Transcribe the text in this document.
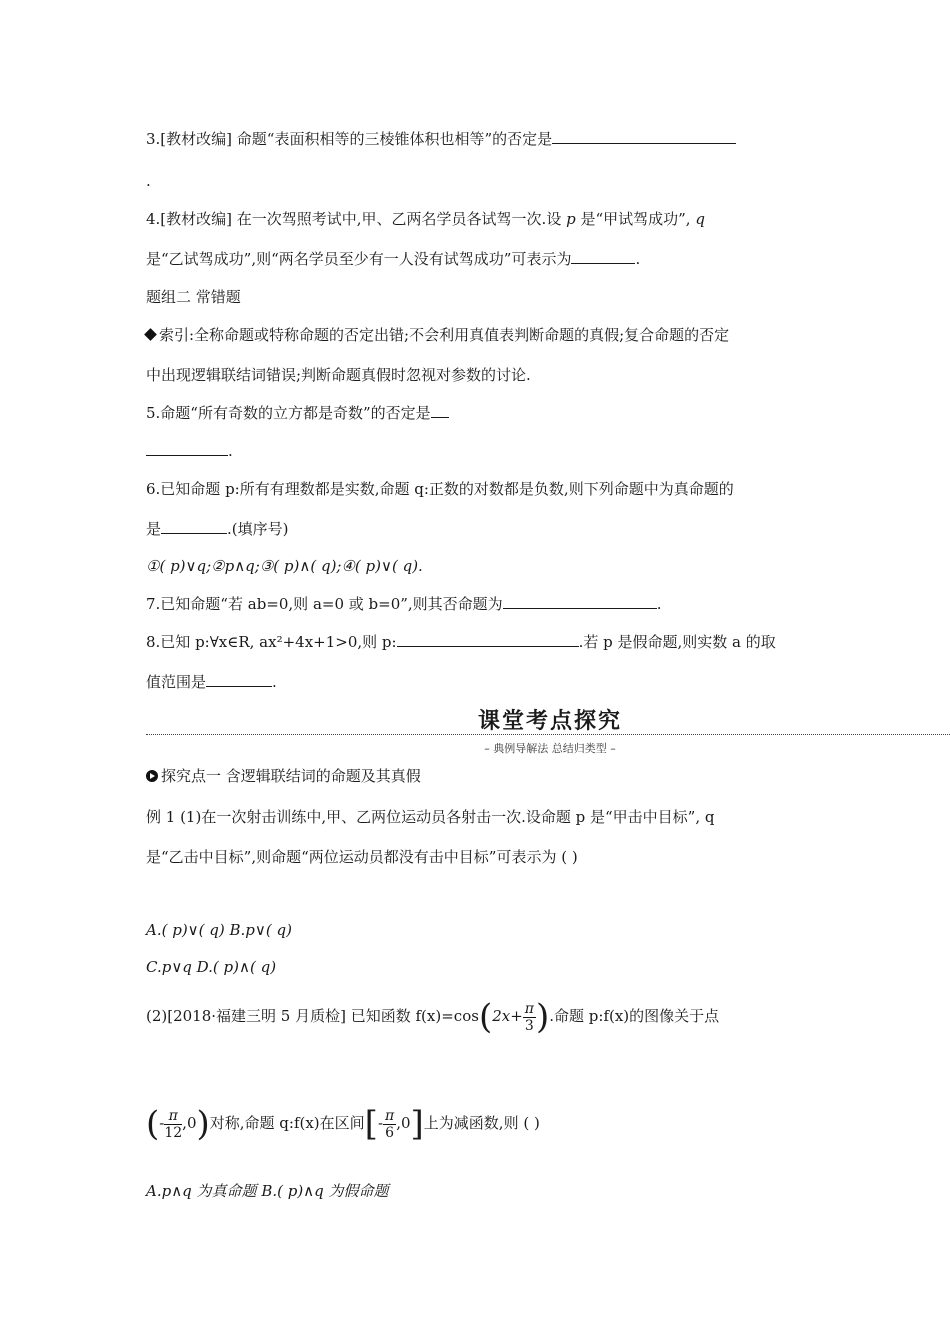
3.[教材改编] 命题“表面积相等的三棱锥体积也相等”的否定是
.
4.[教材改编] 在一次驾照考试中,甲、乙两名学员各试驾一次.设 p 是“甲试驾成功”, q
是“乙试驾成功”,则“两名学员至少有一人没有试驾成功”可表示为	.
题组二 常错题
索引:全称命题或特称命题的否定出错;不会利用真值表判断命题的真假;复合命题的否定
中出现逻辑联结词错误;判断命题真假时忽视对参数的讨论.
5.命题“所有奇数的立方都是奇数”的否定是
.
6.已知命题 p:所有有理数都是实数,命题 q:正数的对数都是负数,则下列命题中为真命题的
是	.(填序号)
①( p)∨q;②p∧q;③( p)∧( q);④( p)∨( q).
7.已知命题“若 ab=0,则 a=0 或 b=0”,则其否命题为	.
8.已知 p:∀x∈R, ax²+4x+1>0,则 p:	.若 p 是假命题,则实数 a 的取
值范围是	.
课堂考点探究
– 典例导解法 总结归类型 –
探究点一 含逻辑联结词的命题及其真假
例 1 (1)在一次射击训练中,甲、乙两位运动员各射击一次.设命题 p 是“甲击中目标”, q
是“乙击中目标”,则命题“两位运动员都没有击中目标”可表示为 ( )
A.( p)∨( q) B.p∨( q)
C.p∨q D.( p)∧( q)
(2)[2018·福建三明 5 月质检] 已知函数 $f(x)=\cos(2x+ \frac{\pi}{3}$ ).命题 p:f(x)的图像关于点
(- $\frac{\pi}{12} ,0$)对称,命题 q:f(x)在区间[- $\frac{\pi}{6} ,0$]上为减函数,则 ( )
A.p∧q 为真命题 B.( p)∧q 为假命题
